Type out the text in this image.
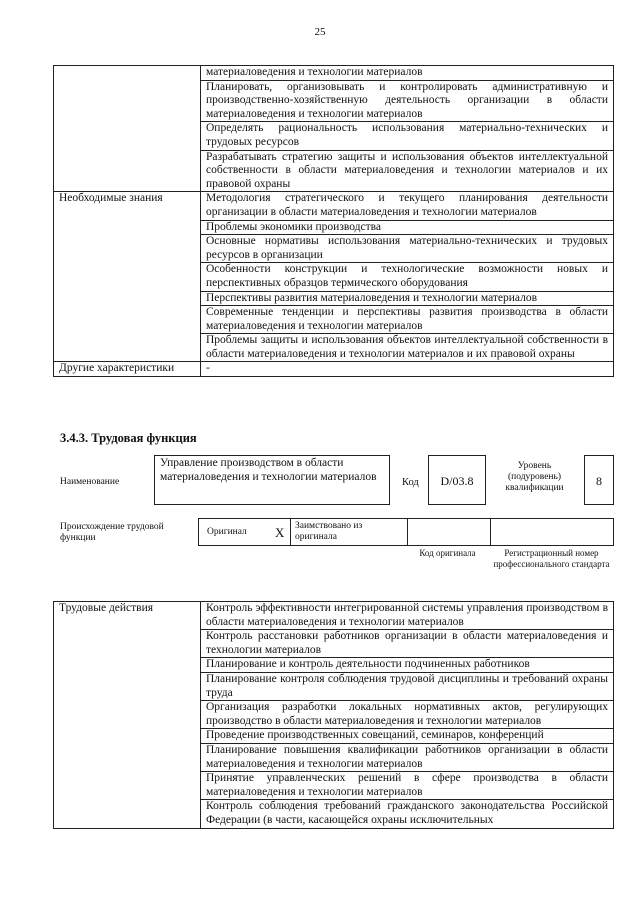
25
	материаловедения и технологии материалов
	Планировать, организовывать и контролировать административную и производственно-хозяйственную деятельность организации в области материаловедения и технологии материалов
	Определять рациональность использования материально-технических и трудовых ресурсов
	Разрабатывать стратегию защиты и использования объектов интеллектуальной собственности в области материаловедения и технологии материалов и их правовой охраны
Необходимые знания	Методология стратегического и текущего планирования деятельности организации в области материаловедения и технологии материалов
	Проблемы экономики производства
	Основные нормативы использования материально-технических и трудовых ресурсов в организации
	Особенности конструкции и технологические возможности новых и перспективных образцов термического оборудования
	Перспективы развития материаловедения и технологии материалов
	Современные тенденции и перспективы развития производства в области материаловедения и технологии материалов
	Проблемы защиты и использования объектов интеллектуальной собственности в области материаловедения и технологии материалов и их правовой охраны
Другие характеристики	-
3.4.3. Трудовая функция
Наименование
Управление производством в области материаловедения и технологии материалов	Код	D/03.8
Уровень (подуровень) квалификации	8
Происхождение трудовой функции
Оригинал X Заимствовано из оригинала
Код оригинала	Регистрационный номер профессионального стандарта
Трудовые действия	Контроль эффективности интегрированной системы управления производством в области материаловедения и технологии материалов
Контроль расстановки работников организации в области материаловедения и технологии материалов
Планирование и контроль деятельности подчиненных работников
Планирование контроля соблюдения трудовой дисциплины и требований охраны труда
Организация разработки локальных нормативных актов, регулирующих производство в области материаловедения и технологии материалов
Проведение производственных совещаний, семинаров, конференций
Планирование повышения квалификации работников организации в области материаловедения и технологии материалов
Принятие управленческих решений в сфере производства в области материаловедения и технологии материалов
Контроль соблюдения требований гражданского законодательства Российской Федерации (в части, касающейся охраны исключительных
